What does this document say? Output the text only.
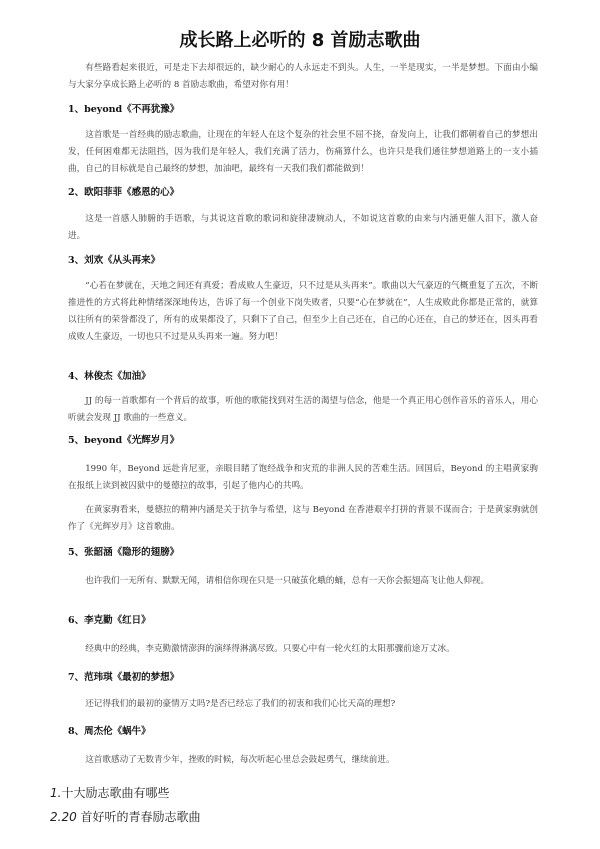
成长路上必听的 8 首励志歌曲

有些路看起来很近，可是走下去却很远的，缺少耐心的人永远走不到头。人生，一半是现实，一半是梦想。下面由小编与大家分享成长路上必听的 8 首励志歌曲，希望对你有用！

1、beyond《不再犹豫》

这首歌是一首经典的励志歌曲，让现在的年轻人在这个复杂的社会里不屈不挠，奋发向上，让我们都朝着自己的梦想出发，任何困难都无法阻挡，因为我们是年轻人，我们充满了活力，伤痛算什么，也许只是我们通往梦想道路上的一支小插曲，自己的目标就是自己最终的梦想，加油吧，最终有一天我们我们都能做到！

2、欧阳菲菲《感恩的心》

这是一首感人肺腑的手语歌，与其说这首歌的歌词和旋律凄婉动人，不如说这首歌的由来与内涵更催人泪下，激人奋进。

3、刘欢《从头再来》

“心若在梦就在，天地之间还有真爱；看成败人生豪迈，只不过是从头再来”。歌曲以大气豪迈的气概重复了五次，不断推进性的方式将此种情绪深深地传达，告诉了每一个创业下岗失败者，只要“心在梦就在”，人生成败此你都是正常的，就算以往所有的荣誉都没了，所有的成果都没了，只剩下了自己，但至少上自己还在，自己的心还在，自己的梦还在，因头再看成败人生豪迈，一切也只不过是从头再来一遍。努力吧！

4、林俊杰《加油》

JJ 的每一首歌都有一个背后的故事，听他的歌能找到对生活的渴望与信念，他是一个真正用心创作音乐的音乐人，用心听就会发现 JJ 歌曲的一些意义。

5、beyond《光辉岁月》

1990 年，Beyond 远赴肯尼亚，亲眼目睹了饱经战争和灾荒的非洲人民的苦难生活。回国后，Beyond 的主唱黄家驹在报纸上读到被囚狱中的曼德拉的故事，引起了他内心的共鸣。

在黄家驹看来，曼德拉的精神内涵是关于抗争与希望，这与 Beyond 在香港艰辛打拼的背景不谋而合；于是黄家驹就创作了《光辉岁月》这首歌曲。

5、张韶涵《隐形的翅膀》

也许我们一无所有、默默无闻，请相信你现在只是一只破茧化蛾的蛹，总有一天你会振翅高飞让他人仰视。

6、李克勤《红日》

经典中的经典，李克勤激情澎湃的演绎得淋漓尽致。只要心中有一轮火红的太阳那骤前途万丈冰。

7、范玮琪《最初的梦想》

还记得我们的最初的豪情万丈吗?是否已经忘了我们的初衷和我们心比天高的理想?

8、周杰伦《蜗牛》

这首歌感动了无数青少年，挫败的时候，每次听起心里总会鼓起勇气，继续前进。

1.十大励志歌曲有哪些
2.20 首好听的青春励志歌曲
